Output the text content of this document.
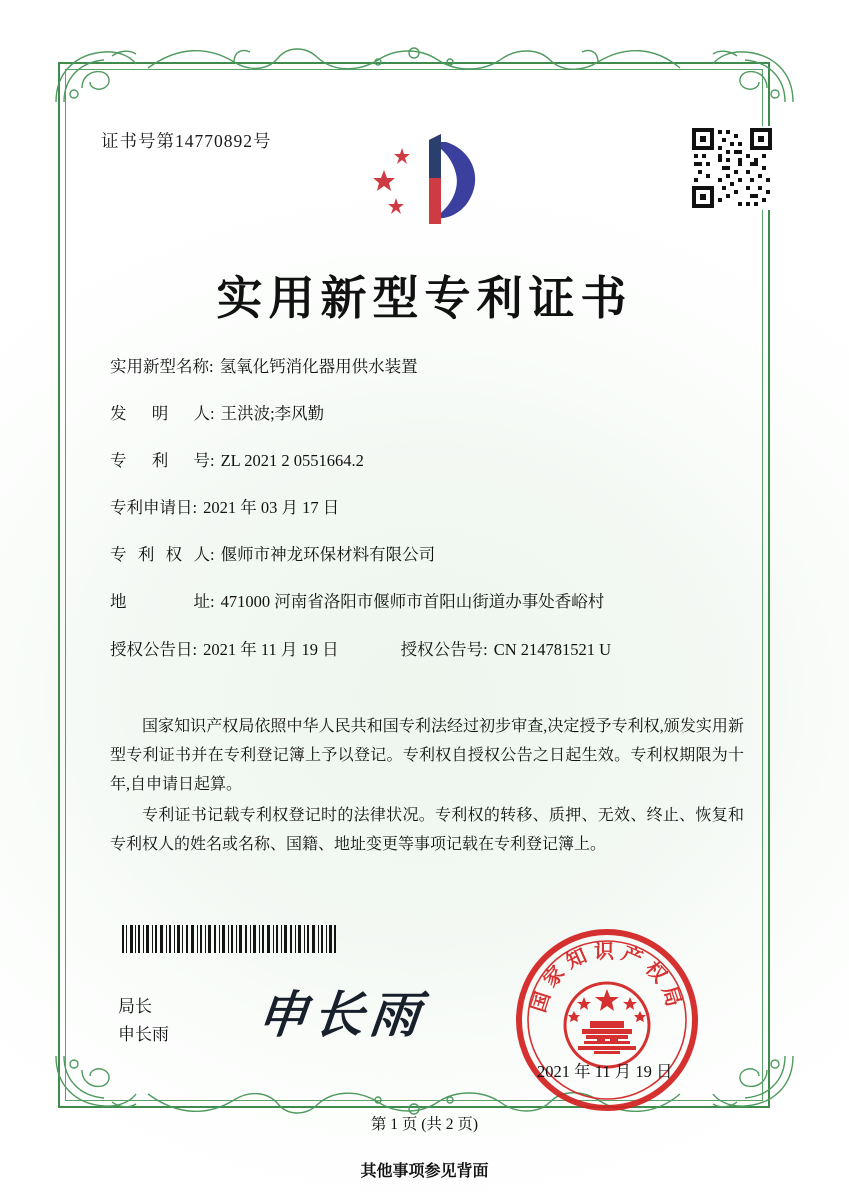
证书号第14770892号
实用新型专利证书
实用新型名称: 氢氧化钙消化器用供水装置
发明人 : 王洪波;李风勤
专利号 : ZL 2021 2 0551664.2
专利申请日: 2021 年 03 月 17 日
专利权人 : 偃师市神龙环保材料有限公司
地址 : 471000 河南省洛阳市偃师市首阳山街道办事处香峪村
授权公告日: 2021 年 11 月 19 日	授权公告号: CN 214781521 U

国家知识产权局依照中华人民共和国专利法经过初步审查,决定授予专利权,颁发实用新型专利证书并在专利登记簿上予以登记。专利权自授权公告之日起生效。专利权期限为十年,自申请日起算。

专利证书记载专利权登记时的法律状况。专利权的转移、质押、无效、终止、恢复和专利权人的姓名或名称、国籍、地址变更等事项记载在专利登记簿上。

局长
申长雨 申长雨	国家知识产权局
2021 年 11 月 19 日
第 1 页 (共 2 页)
其他事项参见背面
